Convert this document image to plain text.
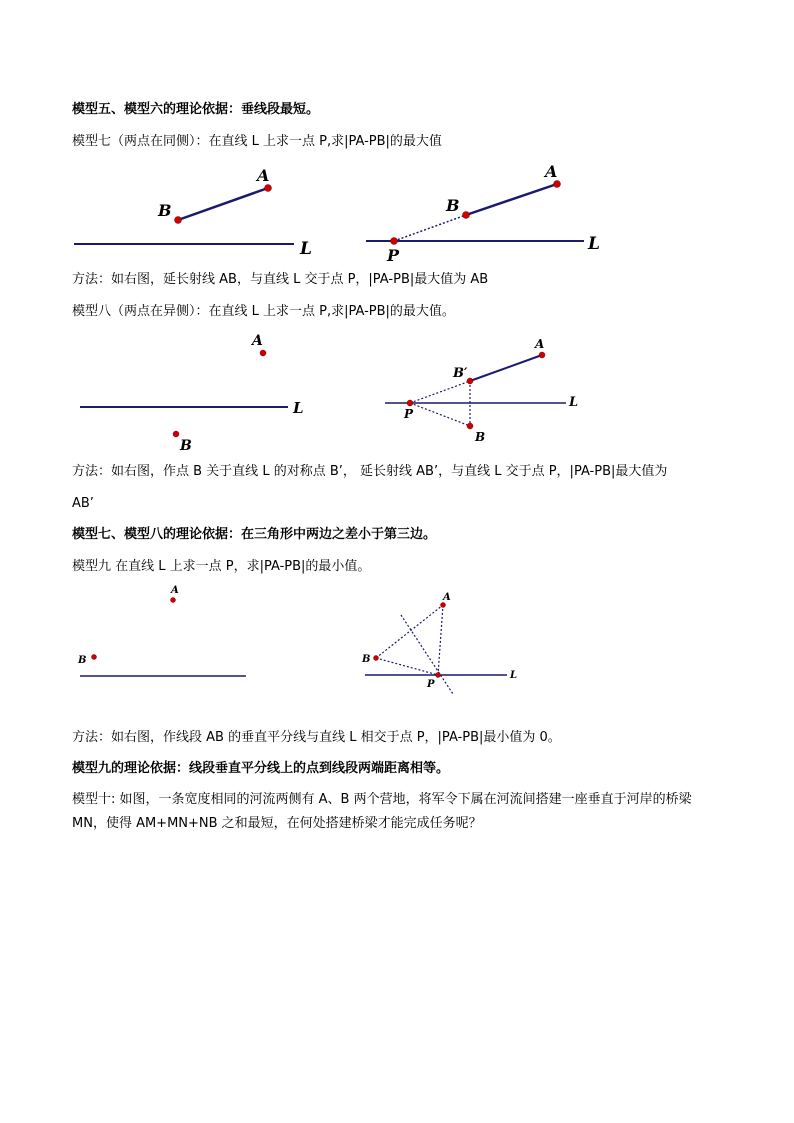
模型五、模型六的理论依据：垂线段最短。
模型七（两点在同侧）：在直线 L 上求一点 P,求|PA-PB|的最大值
A
B
L
A
B
L
P
方法：如右图，延长射线 AB，与直线 L 交于点 P，|PA-PB|最大值为 AB
模型八（两点在异侧）：在直线 L 上求一点 P,求|PA-PB|的最大值。
A
B
L
A
B′
L
P
B
方法：如右图，作点 B 关于直线 L 的对称点 B’， 延长射线 AB’，与直线 L 交于点 P，|PA-PB|最大值为
AB’
模型七、模型八的理论依据：在三角形中两边之差小于第三边。
模型九 在直线 L 上求一点 P，求|PA-PB|的最小值。
A
B
A
B
L
P
方法：如右图，作线段 AB 的垂直平分线与直线 L 相交于点 P，|PA-PB|最小值为 0。
模型九的理论依据：线段垂直平分线上的点到线段两端距离相等。
模型十: 如图，一条宽度相同的河流两侧有 A、B 两个营地，将军令下属在河流间搭建一座垂直于河岸的桥梁 MN，使得 AM+MN+NB 之和最短，在何处搭建桥梁才能完成任务呢？
